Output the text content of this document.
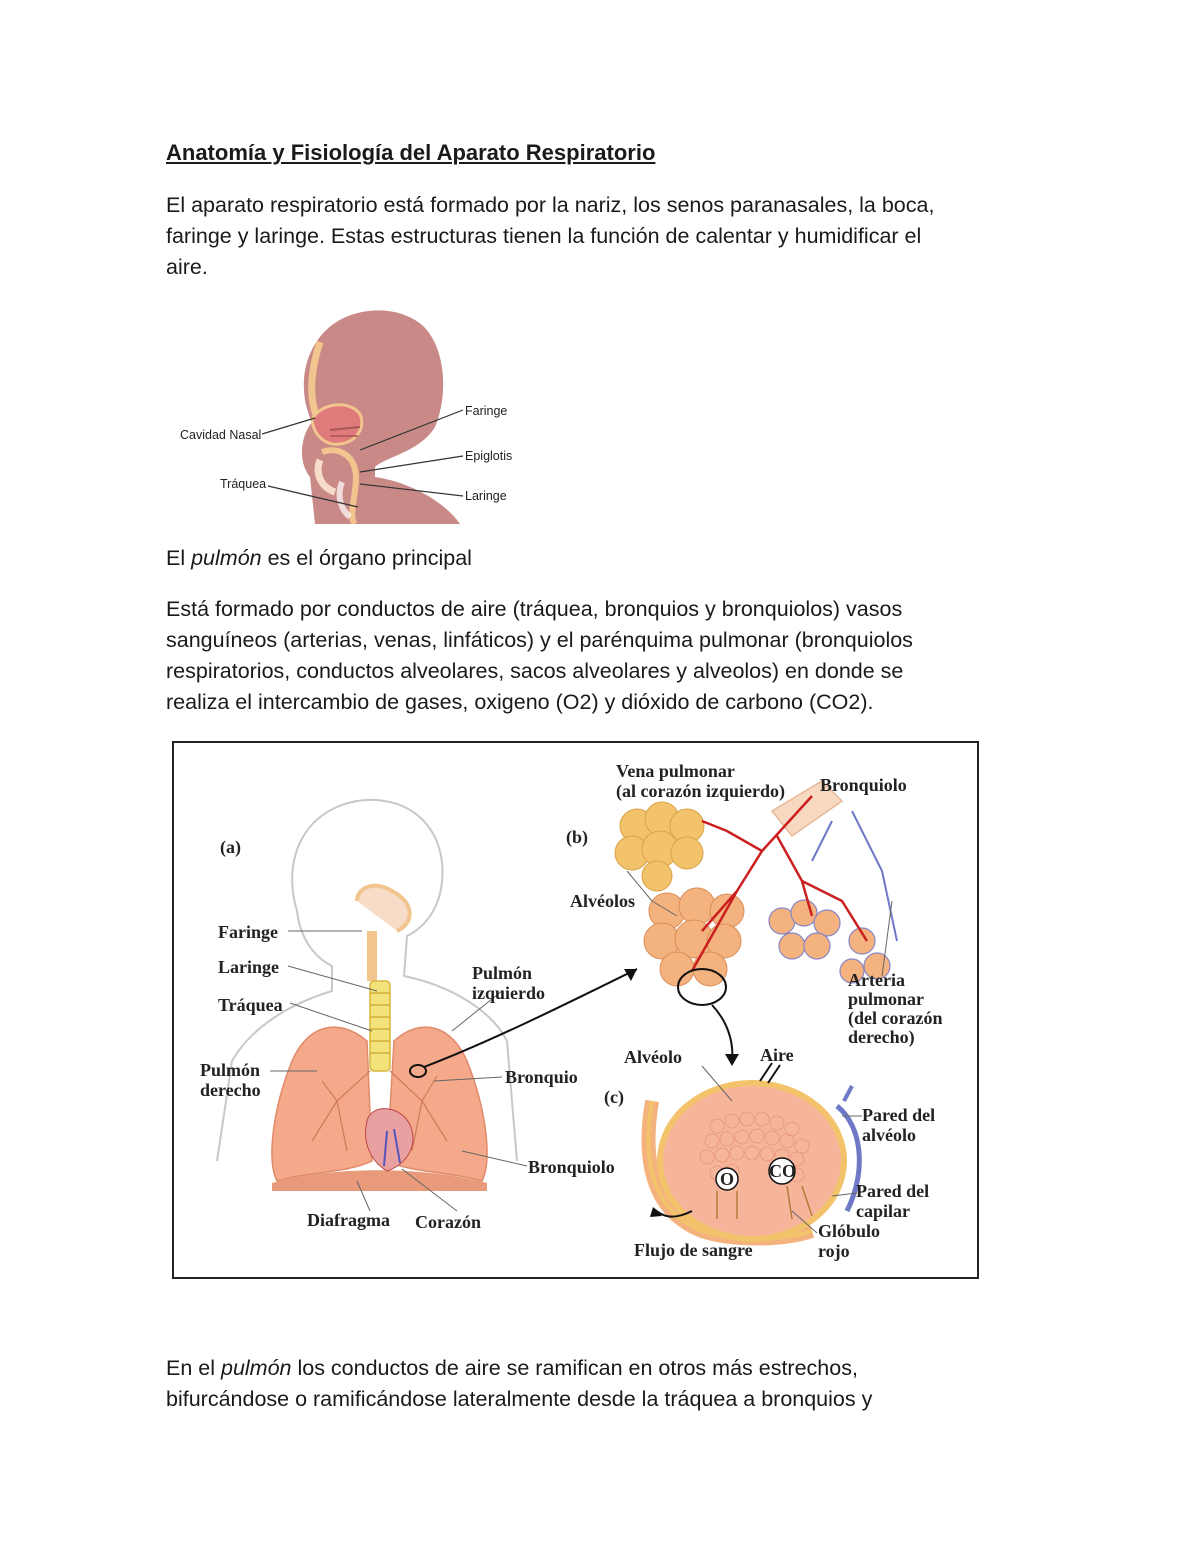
Anatomía y Fisiología del Aparato Respiratorio
El aparato respiratorio está formado por la nariz, los senos paranasales, la boca,
faringe y laringe. Estas estructuras tienen la función de calentar y humidificar el
aire.
Cavidad Nasal
Tráquea
Faringe
Epiglotis
Laringe
El pulmón es el órgano principal
Está formado por conductos de aire (tráquea, bronquios y bronquiolos) vasos
sanguíneos (arterias, venas, linfáticos) y el parénquima pulmonar (bronquiolos
respiratorios, conductos alveolares, sacos alveolares y alveolos) en donde se
realiza el intercambio de gases, oxigeno (O2) y dióxido de carbono (CO2).
(a)
Faringe
Laringe
Tráquea
Pulmón
derecho
Pulmón
izquierdo
Bronquio
Bronquiolo
Diafragma Corazón
(b)
Vena pulmonar
(al corazón izquierdo) Bronquiolo
Alvéolos
Arteria
pulmonar
(del corazón
derecho)
(c)
Alvéolo	Aire
Pared del
alvéolo
Pared del
capilar
Glóbulo
rojo
Flujo de sangre
O CO
En el pulmón los conductos de aire se ramifican en otros más estrechos,
bifurcándose o ramificándose lateralmente desde la tráquea a bronquios y
